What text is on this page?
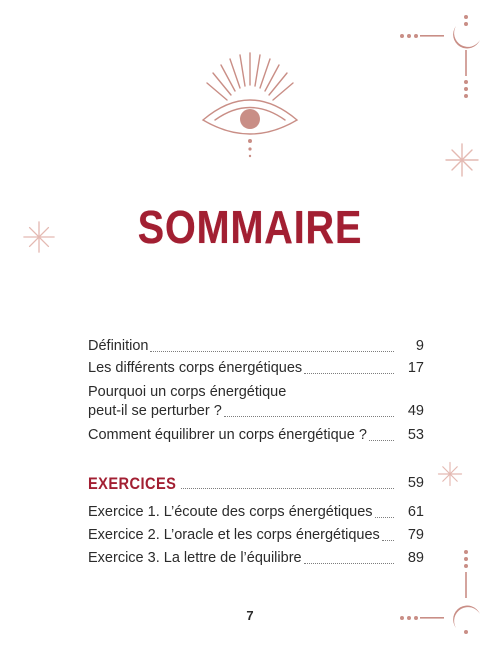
SOMMAIRE
Définition	9
Les différents corps énergétiques	17
Pourquoi un corps énergétique
peut-il se perturber ?	49
Comment équilibrer un corps énergétique ?	53
EXERCICES	59
Exercice 1. L’écoute des corps énergétiques	61
Exercice 2. L’oracle et les corps énergétiques	79
Exercice 3. La lettre de l’équilibre	89
7
